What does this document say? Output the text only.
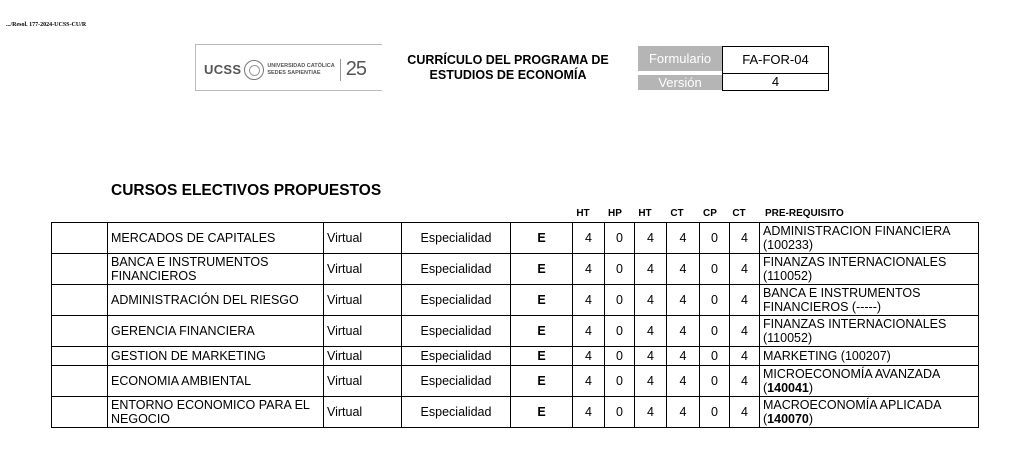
.../Resol. 177-2024-UCSS-CU/R
UCSS	UNIVERSIDAD CATÓLICA
SEDES SAPIENTIAE	25	CURRÍCULO DEL PROGRAMA DE
ESTUDIOS DE ECONOMÍA
Formulario	FA-FOR-04
Versión	4
CURSOS ELECTIVOS PROPUESTOS
HT	HP	HT	CT	CP	CT	PRE-REQUISITO
	MERCADOS DE CAPITALES	Virtual	Especialidad	E	4	0	4	4	0	4	ADMINISTRACION FINANCIERA (100233)
	BANCA E INSTRUMENTOS FINANCIEROS	Virtual	Especialidad	E	4	0	4	4	0	4	FINANZAS INTERNACIONALES (110052)
	ADMINISTRACIÓN DEL RIESGO	Virtual	Especialidad	E	4	0	4	4	0	4	BANCA E INSTRUMENTOS FINANCIEROS (-----)
	GERENCIA FINANCIERA	Virtual	Especialidad	E	4	0	4	4	0	4	FINANZAS INTERNACIONALES (110052)
	GESTION DE MARKETING	Virtual	Especialidad	E	4	0	4	4	0	4	MARKETING (100207)
	ECONOMIA AMBIENTAL	Virtual	Especialidad	E	4	0	4	4	0	4	MICROECONOMÍA AVANZADA (140041)
	ENTORNO ECONOMICO PARA EL NEGOCIO	Virtual	Especialidad	E	4	0	4	4	0	4	MACROECONOMÍA APLICADA (140070)
